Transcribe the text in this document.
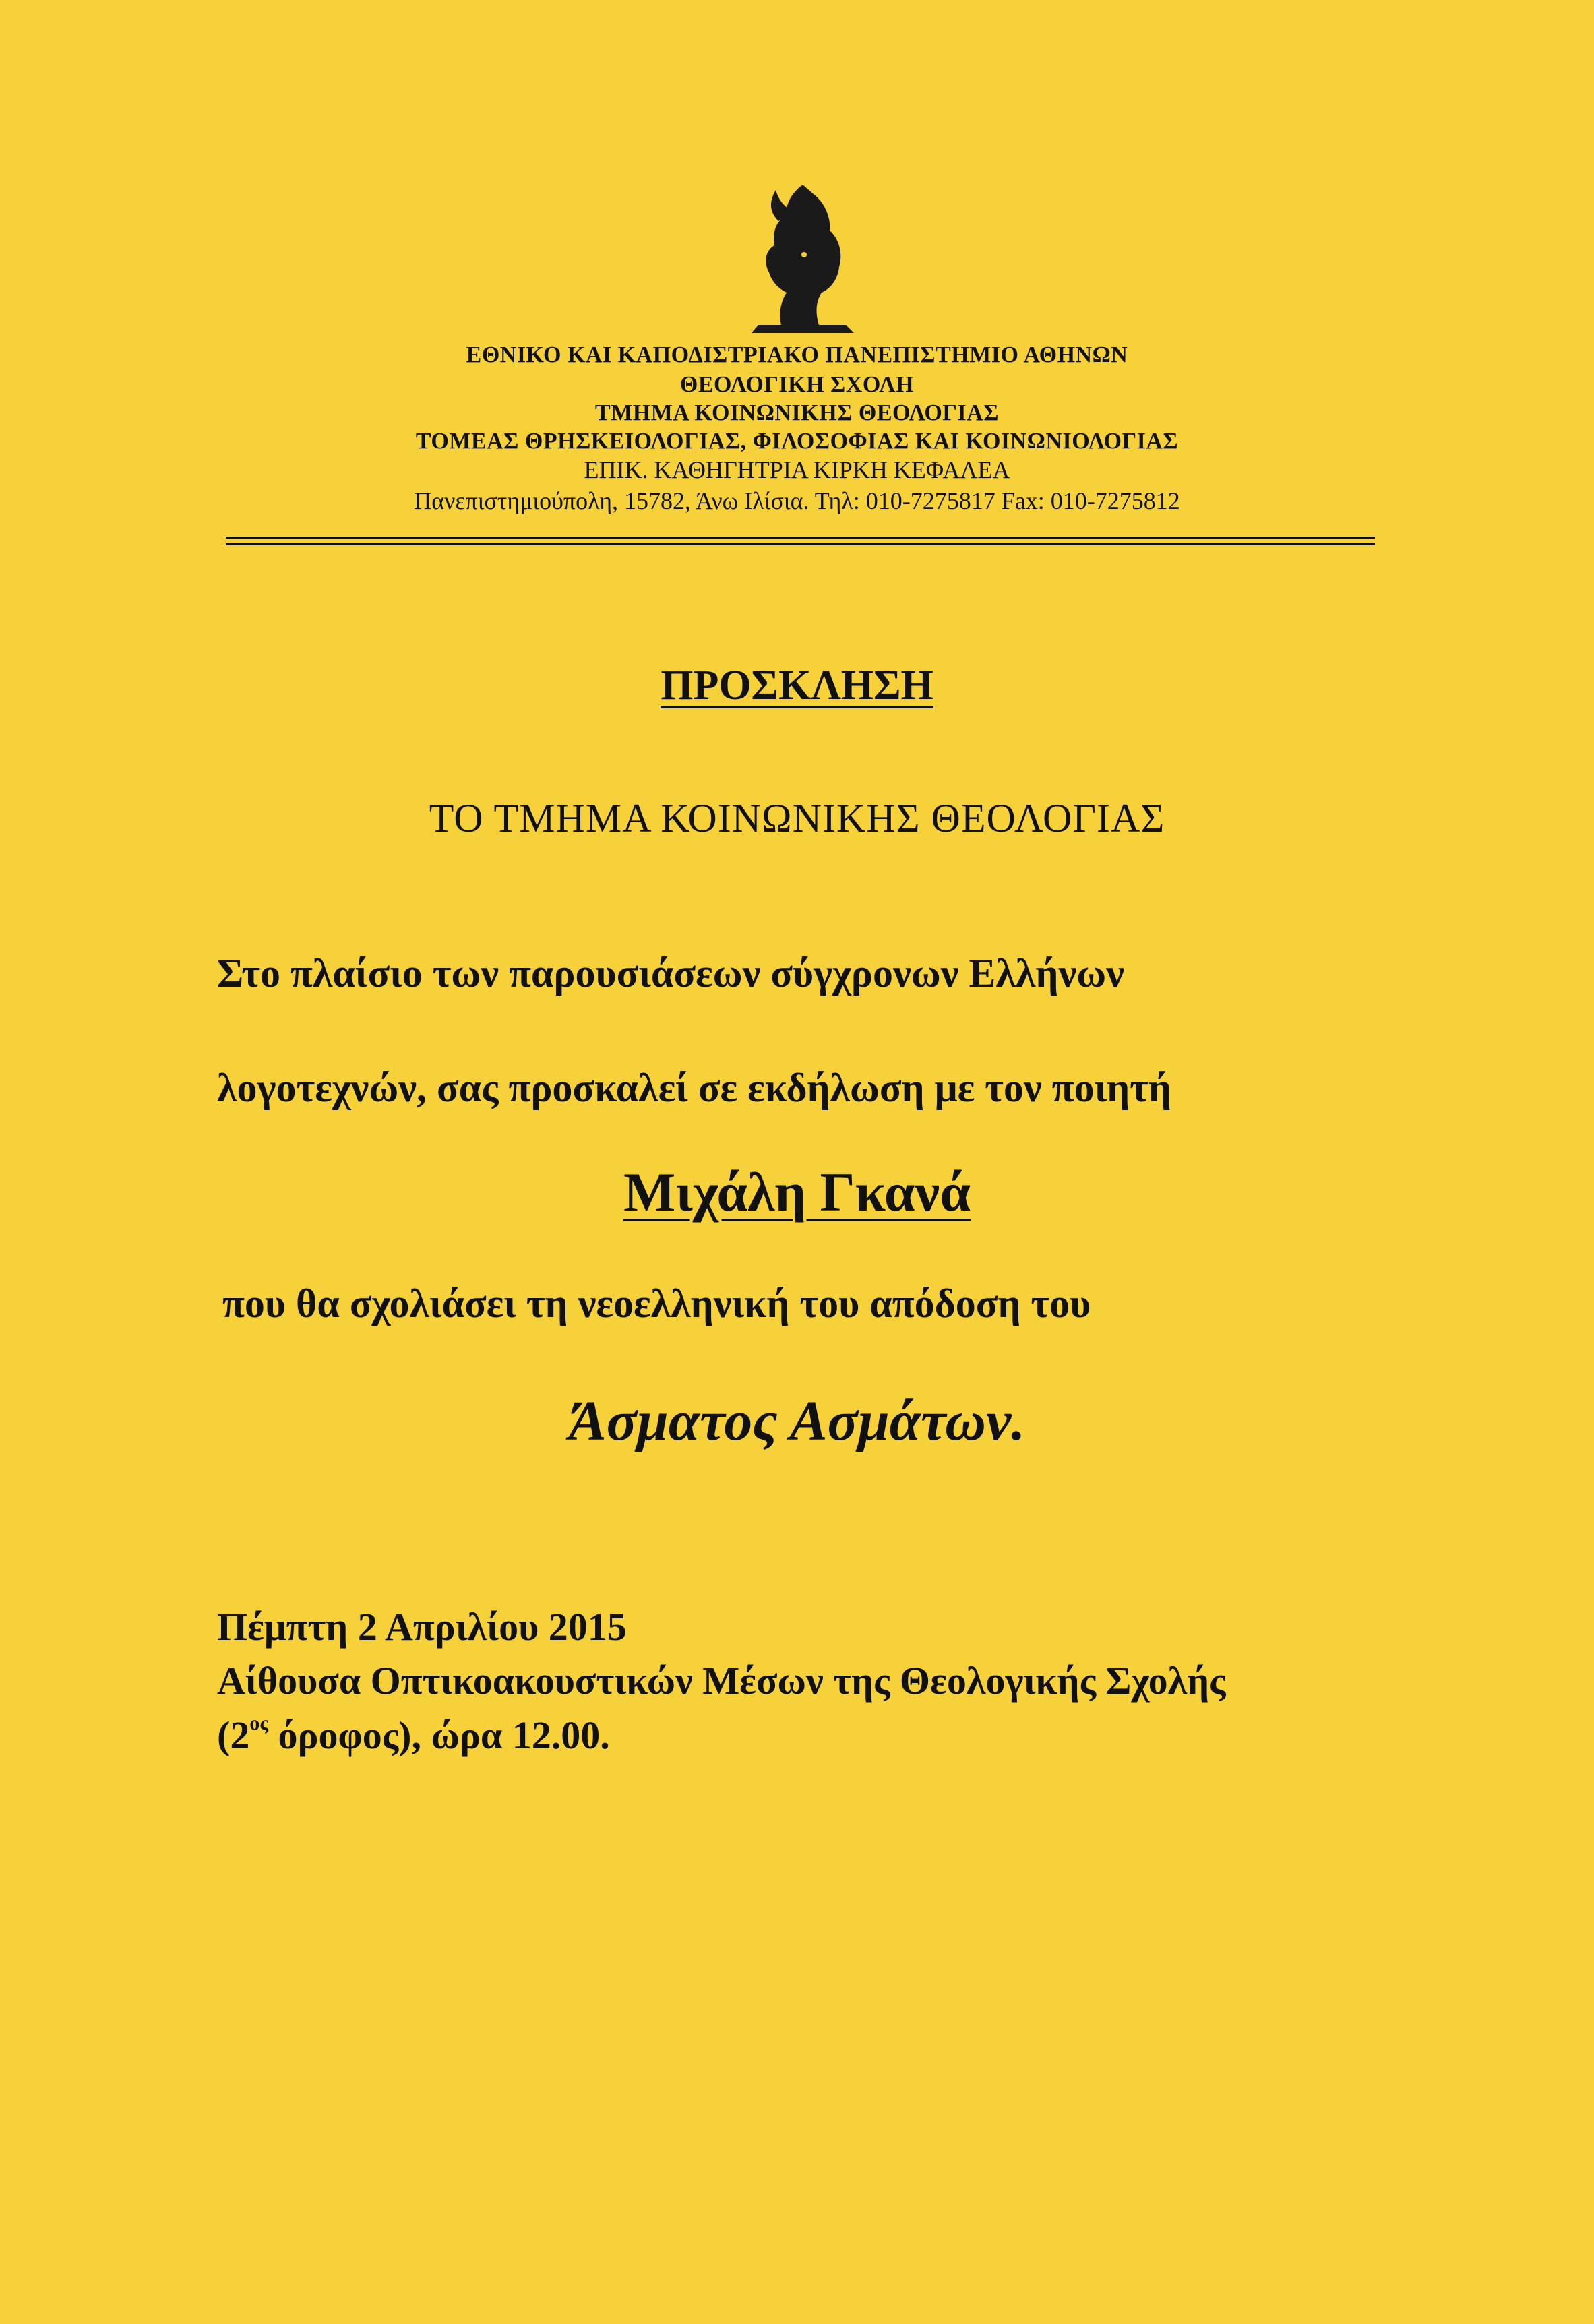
ΕΘΝΙΚΟ ΚΑΙ ΚΑΠΟΔΙΣΤΡΙΑΚΟ ΠΑΝΕΠΙΣΤΗΜΙΟ ΑΘΗΝΩΝ
ΘΕΟΛΟΓΙΚΗ ΣΧΟΛΗ
ΤΜΗΜΑ ΚΟΙΝΩΝΙΚΗΣ ΘΕΟΛΟΓΙΑΣ
ΤΟΜΕΑΣ ΘΡΗΣΚΕΙΟΛΟΓΙΑΣ, ΦΙΛΟΣΟΦΙΑΣ ΚΑΙ ΚΟΙΝΩΝΙΟΛΟΓΙΑΣ
ΕΠΙΚ. ΚΑΘΗΓΗΤΡΙΑ ΚΙΡΚΗ ΚΕΦΑΛΕΑ
Πανεπιστημιούπολη, 15782, Άνω Ιλίσια. Τηλ: 010-7275817 Fax: 010-7275812
ΠΡΟΣΚΛΗΣΗ
ΤΟ ΤΜΗΜΑ ΚΟΙΝΩΝΙΚΗΣ ΘΕΟΛΟΓΙΑΣ
Στο πλαίσιο των παρουσιάσεων σύγχρονων Ελλήνων
λογοτεχνών, σας προσκαλεί σε εκδήλωση με τον ποιητή
Μιχάλη Γκανά
που θα σχολιάσει τη νεοελληνική του απόδοση του
Άσματος Ασμάτων.
Πέμπτη 2 Απριλίου 2015
Αίθουσα Οπτικοακουστικών Μέσων της Θεολογικής Σχολής
($2^{o\varsigma}$ όροφος), ώρα 12.00.
